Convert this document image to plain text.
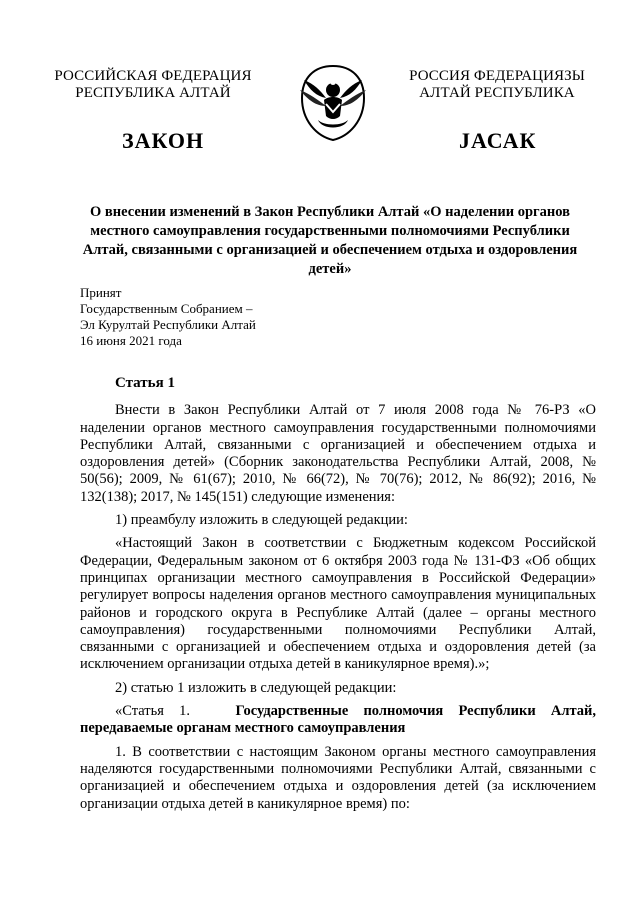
РОССИЙСКАЯ ФЕДЕРАЦИЯ
РЕСПУБЛИКА АЛТАЙ
РОССИЯ ФЕДЕРАЦИЯЗЫ
АЛТАЙ РЕСПУБЛИКА
ЗАКОН	JАСАК
О внесении изменений в Закон Республики Алтай «О наделении органов местного самоуправления государственными полномочиями Республики Алтай, связанными с организацией и обеспечением отдыха и оздоровления детей»
Принят
Государственным Собранием –
Эл Курултай Республики Алтай
16 июня 2021 года
Статья 1

Внести в Закон Республики Алтай от 7 июля 2008 года № 76-РЗ «О наделении органов местного самоуправления государственными полномочиями Республики Алтай, связанными с организацией и обеспечением отдыха и оздоровления детей» (Сборник законодательства Республики Алтай, 2008, № 50(56); 2009, № 61(67); 2010, № 66(72), № 70(76); 2012, № 86(92); 2016, № 132(138); 2017, № 145(151) следующие изменения:

1) преамбулу изложить в следующей редакции:

«Настоящий Закон в соответствии с Бюджетным кодексом Российской Федерации, Федеральным законом от 6 октября 2003 года № 131-ФЗ «Об общих принципах организации местного самоуправления в Российской Федерации» регулирует вопросы наделения органов местного самоуправления муниципальных районов и городского округа в Республике Алтай (далее – органы местного самоуправления) государственными полномочиями Республики Алтай, связанными с организацией и обеспечением отдыха и оздоровления детей (за исключением организации отдыха детей в каникулярное время).»;

2) статью 1 изложить в следующей редакции:

«Статья 1.	Государственные полномочия Республики Алтай, передаваемые органам местного самоуправления

1. В соответствии с настоящим Законом органы местного самоуправления наделяются государственными полномочиями Республики Алтай, связанными с организацией и обеспечением отдыха и оздоровления детей (за исключением организации отдыха детей в каникулярное время) по:
